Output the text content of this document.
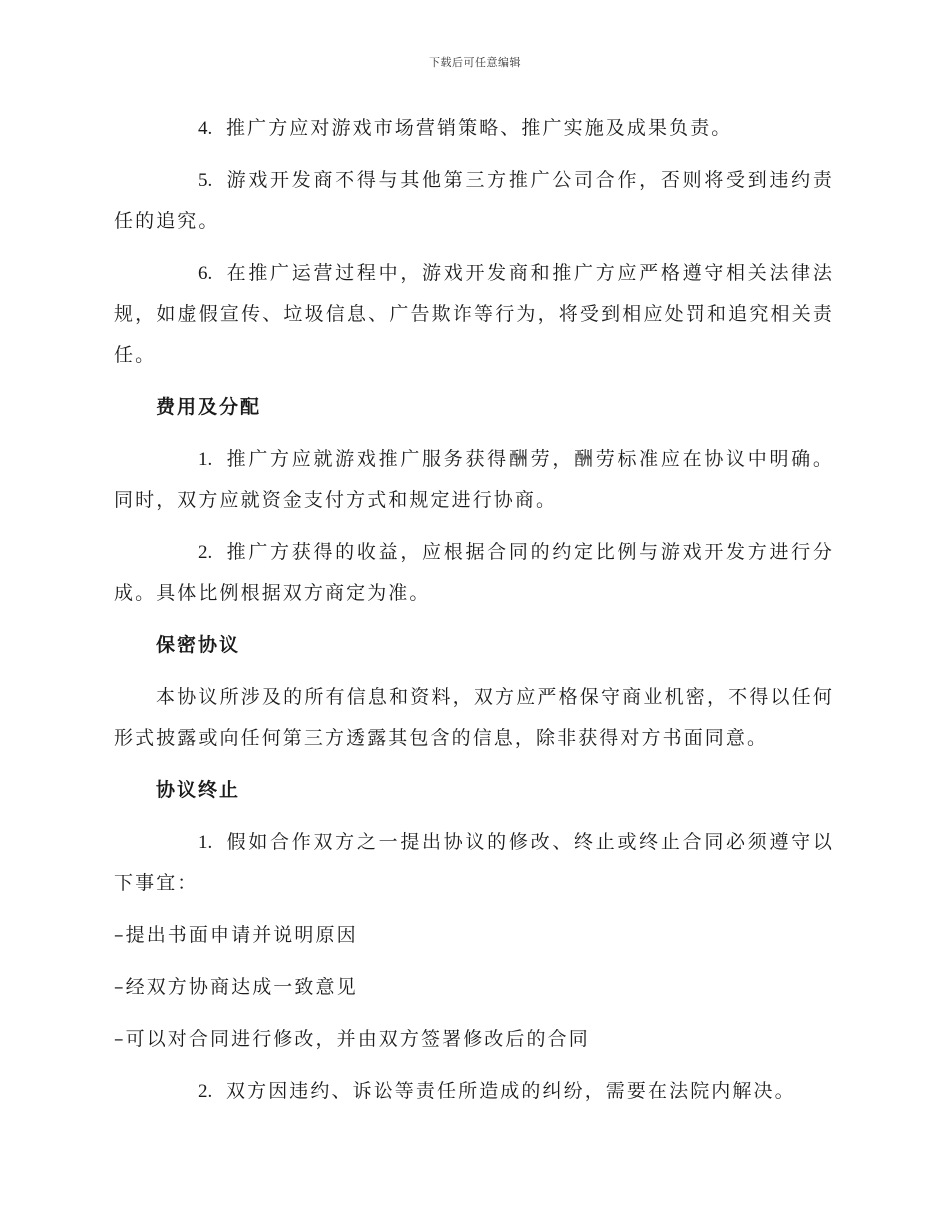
下载后可任意编辑

4. 推广方应对游戏市场营销策略、推广实施及成果负责。

5. 游戏开发商不得与其他第三方推广公司合作，否则将受到违约责任的追究。

6. 在推广运营过程中，游戏开发商和推广方应严格遵守相关法律法规，如虚假宣传、垃圾信息、广告欺诈等行为，将受到相应处罚和追究相关责任。

费用及分配

1. 推广方应就游戏推广服务获得酬劳，酬劳标准应在协议中明确。同时，双方应就资金支付方式和规定进行协商。

2. 推广方获得的收益，应根据合同的约定比例与游戏开发方进行分成。具体比例根据双方商定为准。

保密协议

本协议所涉及的所有信息和资料，双方应严格保守商业机密，不得以任何形式披露或向任何第三方透露其包含的信息，除非获得对方书面同意。

协议终止

1. 假如合作双方之一提出协议的修改、终止或终止合同必须遵守以下事宜：

–提出书面申请并说明原因

–经双方协商达成一致意见

–可以对合同进行修改，并由双方签署修改后的合同

2. 双方因违约、诉讼等责任所造成的纠纷，需要在法院内解决。
